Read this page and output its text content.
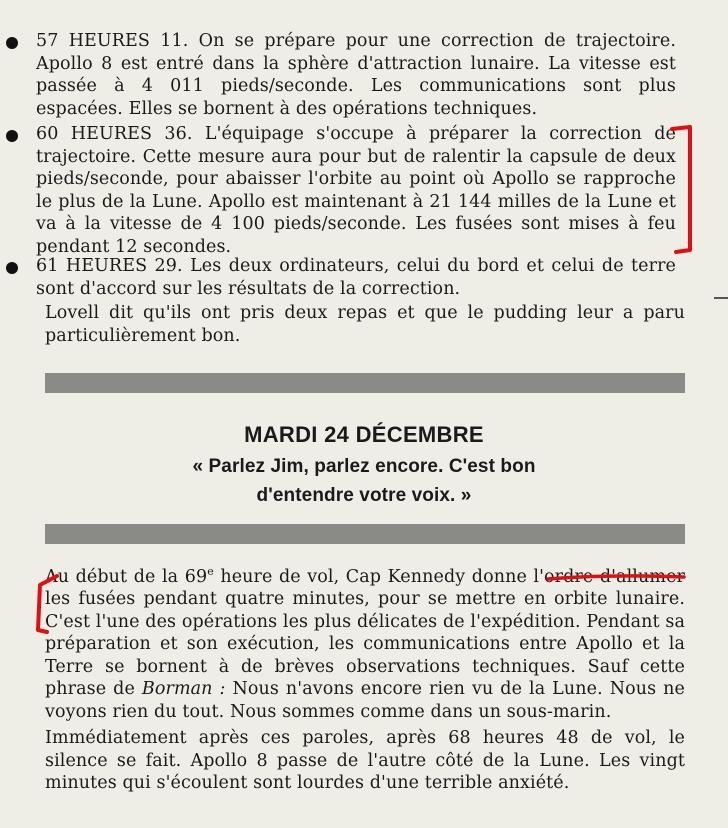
57 HEURES 11. On se prépare pour une correction de trajectoire. Apollo 8 est entré dans la sphère d'attraction lunaire. La vitesse est passée à 4 011 pieds/seconde. Les communications sont plus espacées. Elles se bornent à des opérations techniques.
60 HEURES 36. L'équipage s'occupe à préparer la correction de trajectoire. Cette mesure aura pour but de ralentir la capsule de deux pieds/seconde, pour abaisser l'orbite au point où Apollo se rapproche le plus de la Lune. Apollo est maintenant à 21 144 milles de la Lune et va à la vitesse de 4 100 pieds/seconde. Les fusées sont mises à feu pendant 12 secondes.
61 HEURES 29. Les deux ordinateurs, celui du bord et celui de terre sont d'accord sur les résultats de la correction.
Lovell dit qu'ils ont pris deux repas et que le pudding leur a paru particulièrement bon.
MARDI 24 DÉCEMBRE
« Parlez Jim, parlez encore. C'est bon
d'entendre votre voix. »
Au début de la 69e heure de vol, Cap Kennedy donne l'ordre d'allumer les fusées pendant quatre minutes, pour se mettre en orbite lunaire. C'est l'une des opérations les plus délicates de l'expédition. Pendant sa préparation et son exécution, les communications entre Apollo et la Terre se bornent à de brèves observations techniques. Sauf cette phrase de Borman : Nous n'avons encore rien vu de la Lune. Nous ne voyons rien du tout. Nous sommes comme dans un sous-marin.
Immédiatement après ces paroles, après 68 heures 48 de vol, le silence se fait. Apollo 8 passe de l'autre côté de la Lune. Les vingt minutes qui s'écoulent sont lourdes d'une terrible anxiété.
